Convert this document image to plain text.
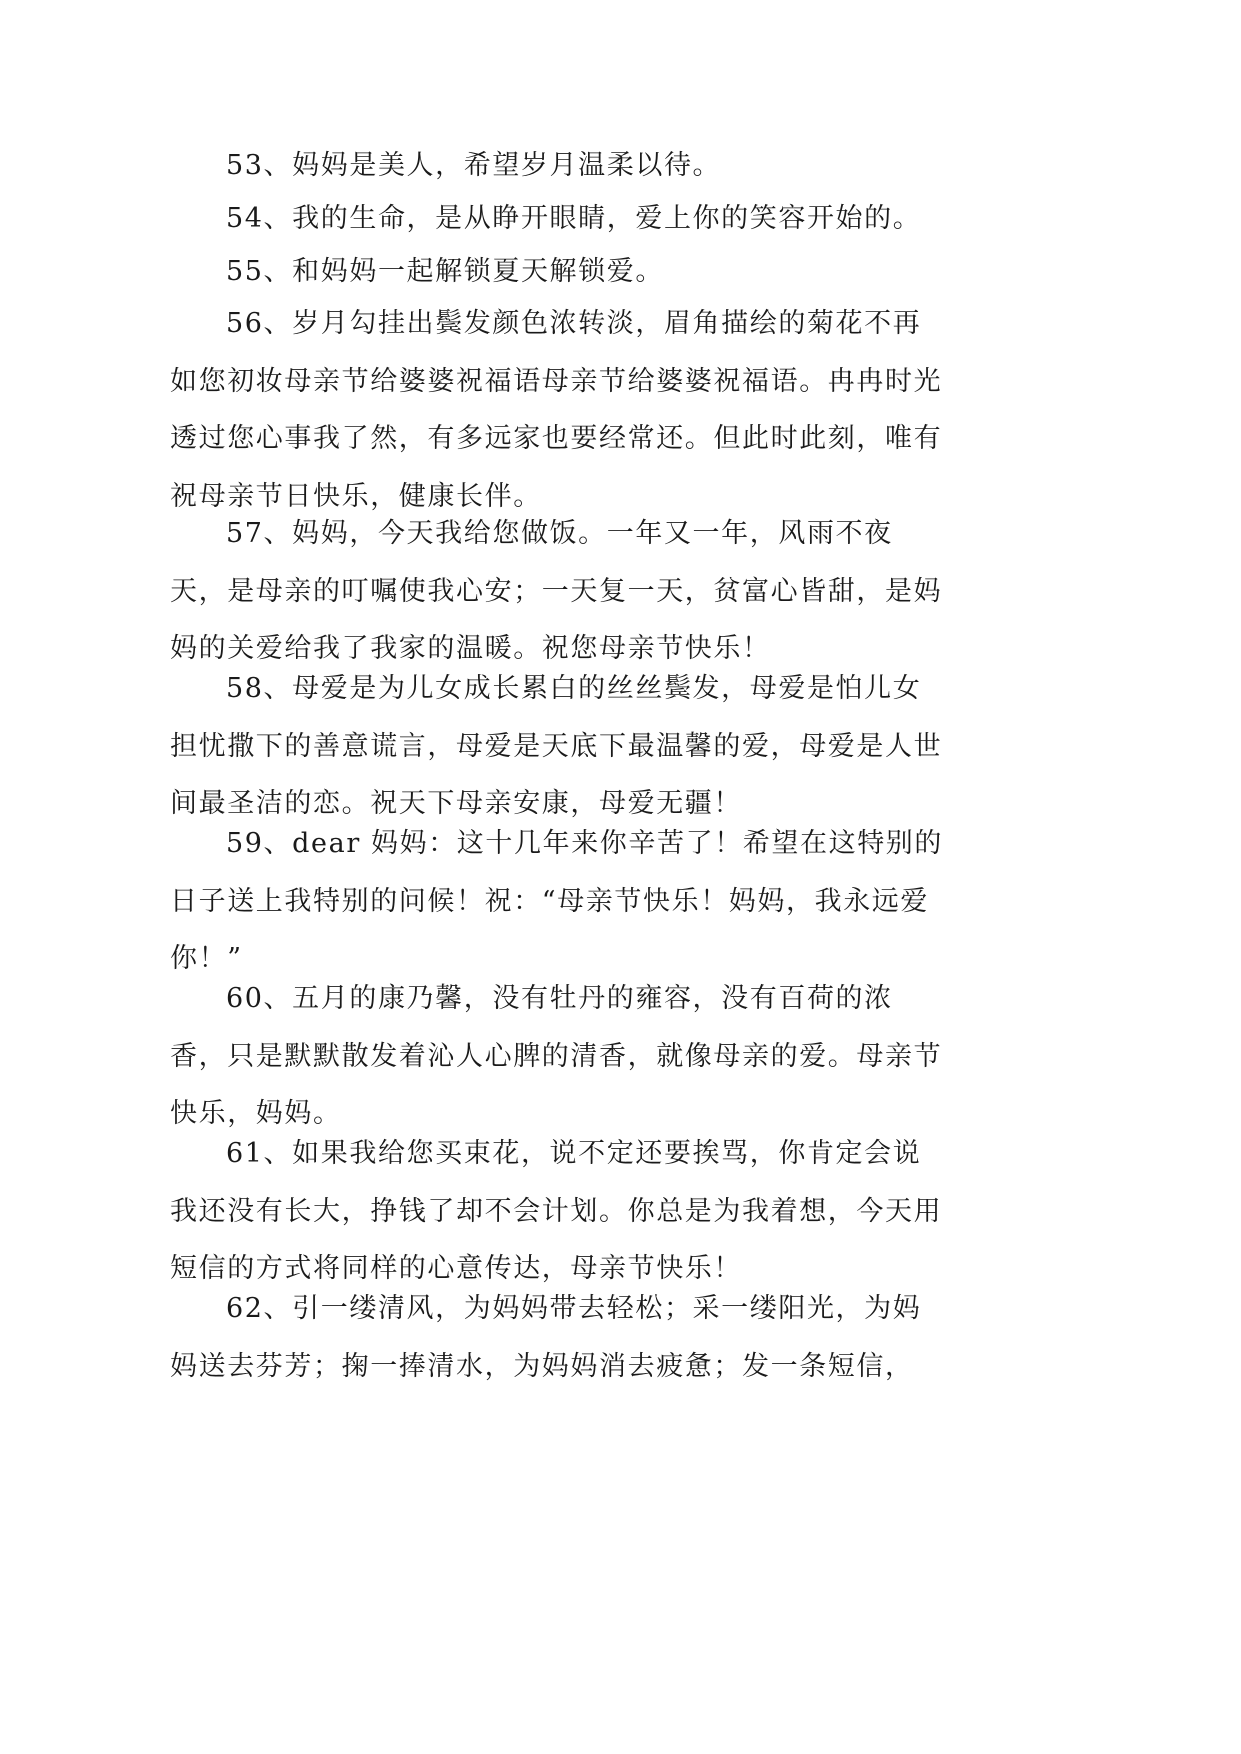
53、妈妈是美人，希望岁月温柔以待。

54、我的生命，是从睁开眼睛，爱上你的笑容开始的。

55、和妈妈一起解锁夏天解锁爱。

56、岁月勾挂出鬓发颜色浓转淡，眉角描绘的菊花不再如您初妆母亲节给婆婆祝福语母亲节给婆婆祝福语。冉冉时光透过您心事我了然，有多远家也要经常还。但此时此刻，唯有祝母亲节日快乐，健康长伴。

57、妈妈，今天我给您做饭。一年又一年，风雨不夜天，是母亲的叮嘱使我心安；一天复一天，贫富心皆甜，是妈妈的关爱给我了我家的温暖。祝您母亲节快乐！

58、母爱是为儿女成长累白的丝丝鬓发，母爱是怕儿女担忧撒下的善意谎言，母爱是天底下最温馨的爱，母爱是人世间最圣洁的恋。祝天下母亲安康，母爱无疆！

59、dear 妈妈：这十几年来你辛苦了！希望在这特别的日子送上我特别的问候！祝：“母亲节快乐！妈妈，我永远爱你！”

60、五月的康乃馨，没有牡丹的雍容，没有百荷的浓香，只是默默散发着沁人心脾的清香，就像母亲的爱。母亲节快乐，妈妈。

61、如果我给您买束花，说不定还要挨骂，你肯定会说我还没有长大，挣钱了却不会计划。你总是为我着想，今天用短信的方式将同样的心意传达，母亲节快乐！

62、引一缕清风，为妈妈带去轻松；采一缕阳光，为妈妈送去芬芳；掬一捧清水，为妈妈消去疲惫；发一条短信，
